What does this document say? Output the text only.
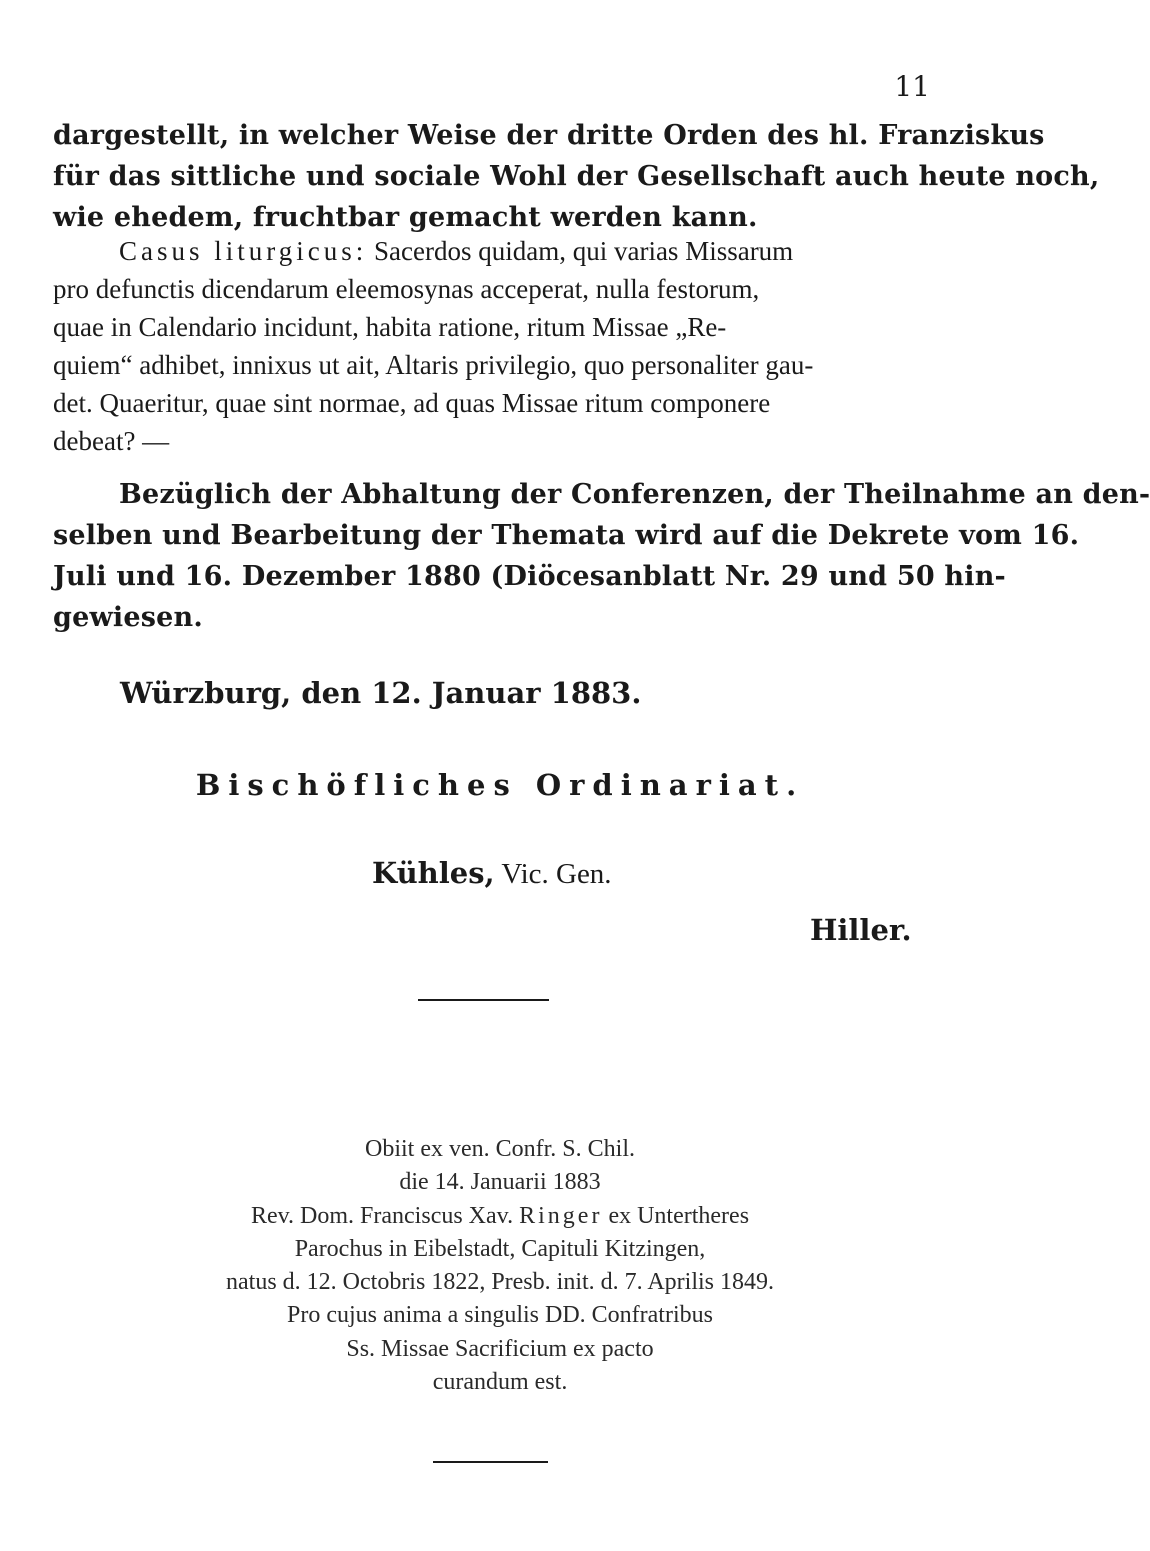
11

dargestellt, in welcher Weise der dritte Orden des hl. Franziskus
für das sittliche und sociale Wohl der Gesellschaft auch heute noch,
wie ehedem, fruchtbar gemacht werden kann.

Casus liturgicus: Sacerdos quidam, qui varias Missarum
pro defunctis dicendarum eleemosynas acceperat, nulla festorum,
quae in Calendario incidunt, habita ratione, ritum Missae „Re-
quiem“ adhibet, innixus ut ait, Altaris privilegio, quo personaliter gau-
det. Quaeritur, quae sint normae, ad quas Missae ritum componere
debeat? —

Bezüglich der Abhaltung der Conferenzen, der Theilnahme an den-
selben und Bearbeitung der Themata wird auf die Dekrete vom 16.
Juli und 16. Dezember 1880 (Diöcesanblatt Nr. 29 und 50 hin-
gewiesen.

Würzburg, den 12. Januar 1883.
Bischöfliches Ordinariat.
Kühles, Vic. Gen.
Hiller.
Obiit ex ven. Confr. S. Chil.
die 14. Januarii 1883
Rev. Dom. Franciscus Xav. Ringer ex Untertheres
Parochus in Eibelstadt, Capituli Kitzingen,
natus d. 12. Octobris 1822, Presb. init. d. 7. Aprilis 1849.
Pro cujus anima a singulis DD. Confratribus
Ss. Missae Sacrificium ex pacto
curandum est.
